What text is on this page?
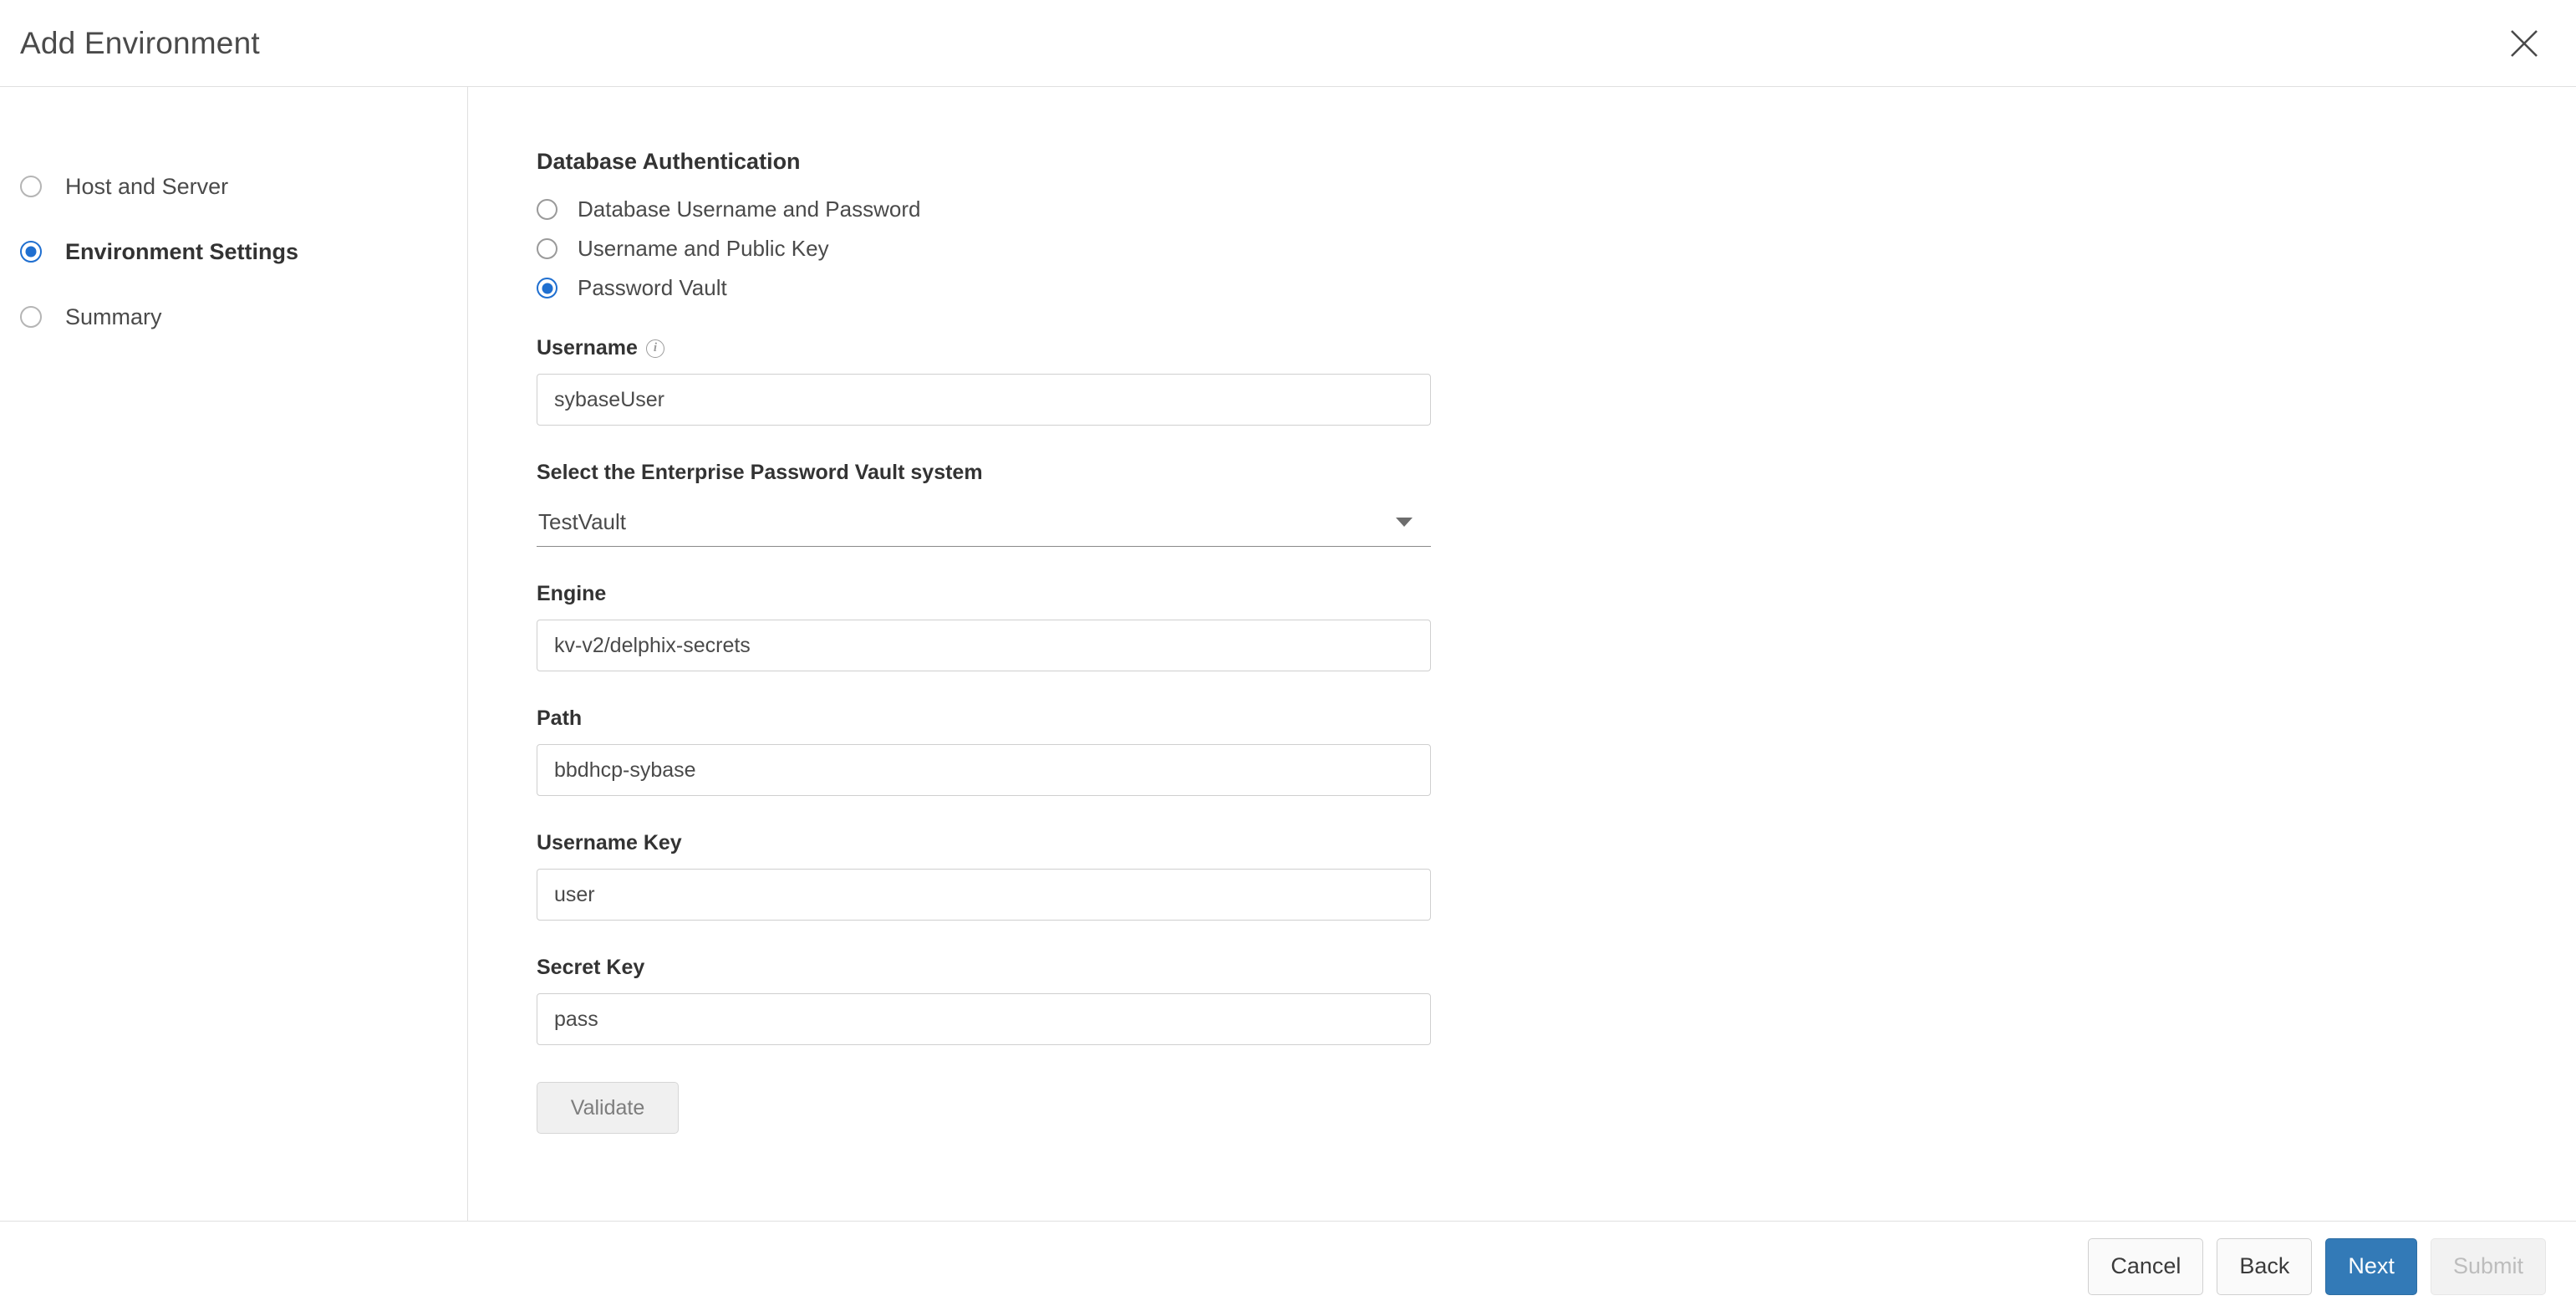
Add Environment
Host and Server
Environment Settings
Summary
Database Authentication
Database Username and Password
Username and Public Key
Password Vault
Username	i
sybaseUser
Select the Enterprise Password Vault system
TestVault
Engine
kv-v2/delphix-secrets
Path
bbdhcp-sybase
Username Key
user
Secret Key
pass
Validate
Cancel	Back	Next	Submit
